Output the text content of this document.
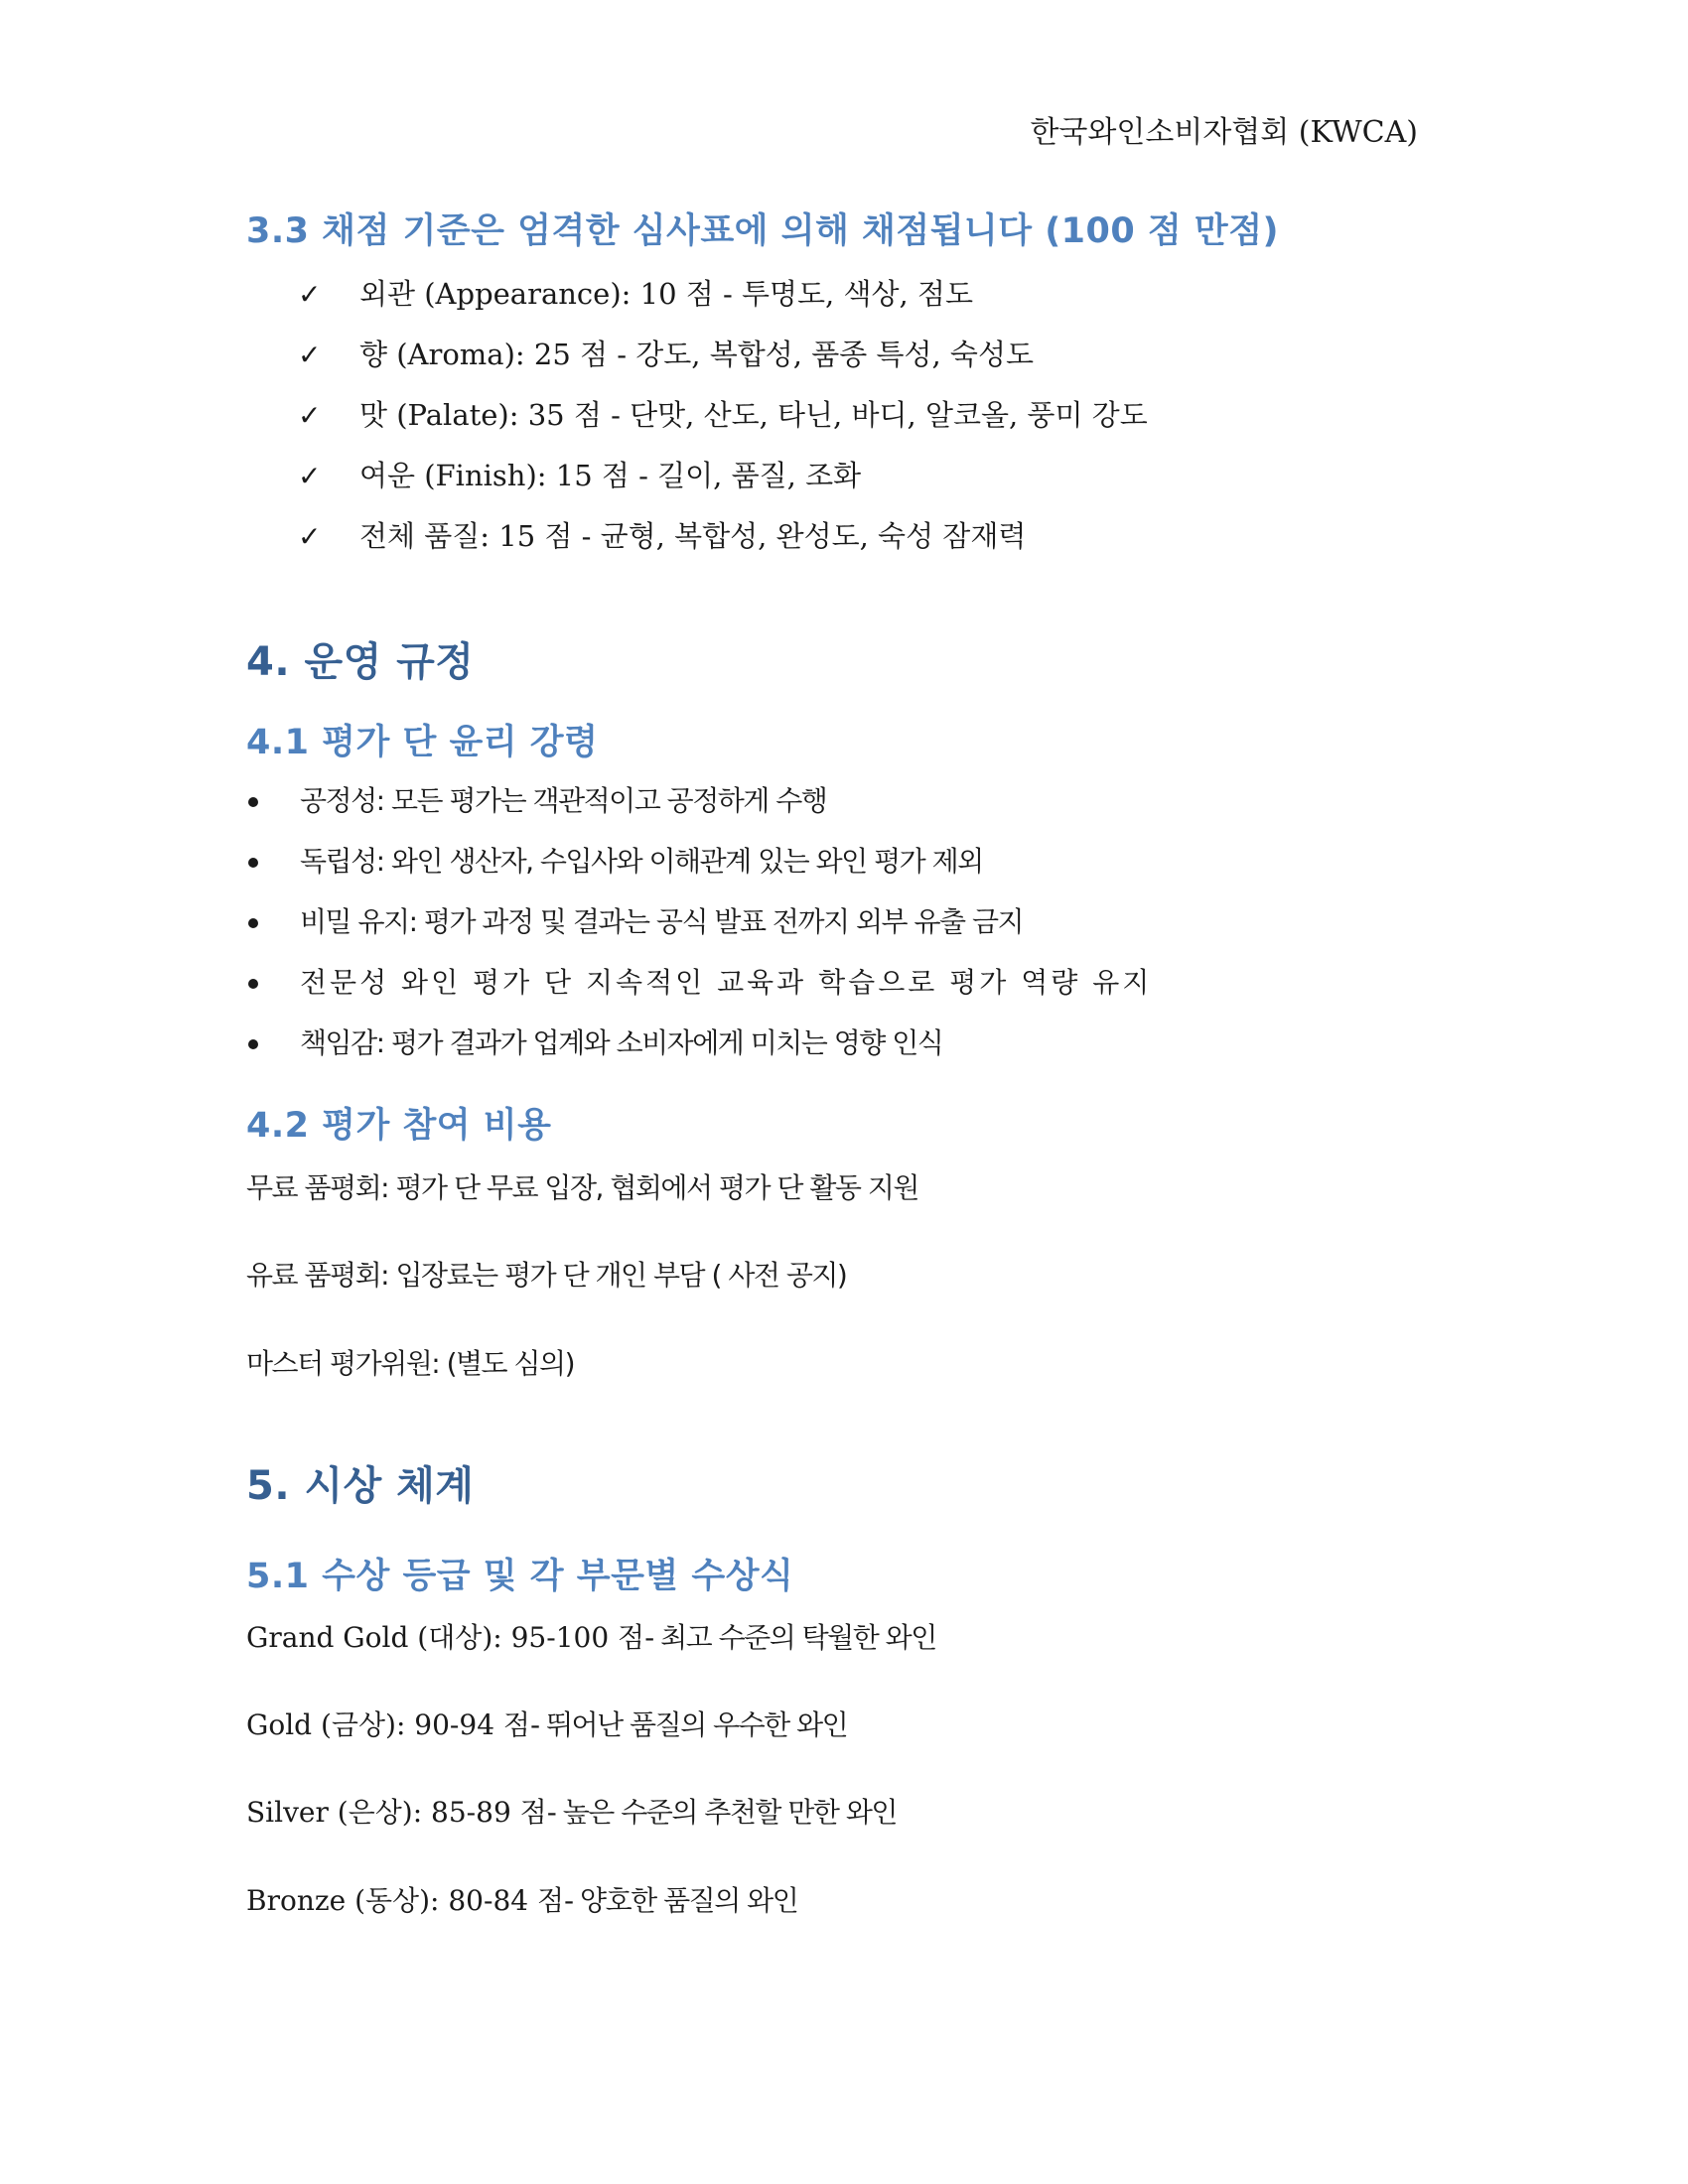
한국와인소비자협회 (KWCA)
3.3 채점 기준은 엄격한 심사표에 의해 채점됩니다 (100 점 만점)
✓ 외관 (Appearance): 10 점 - 투명도, 색상, 점도
✓ 향 (Aroma): 25 점 - 강도, 복합성, 품종 특성, 숙성도
✓ 맛 (Palate): 35 점 - 단맛, 산도, 타닌, 바디, 알코올, 풍미 강도
✓ 여운 (Finish): 15 점 - 길이, 품질, 조화
✓ 전체 품질: 15 점 - 균형, 복합성, 완성도, 숙성 잠재력
4. 운영 규정
4.1 평가 단 윤리 강령
공정성: 모든 평가는 객관적이고 공정하게 수행
독립성: 와인 생산자, 수입사와 이해관계 있는 와인 평가 제외
비밀 유지: 평가 과정 및 결과는 공식 발표 전까지 외부 유출 금지
전문성 와인 평가 단 지속적인 교육과 학습으로 평가 역량 유지
책임감: 평가 결과가 업계와 소비자에게 미치는 영향 인식
4.2 평가 참여 비용

무료 품평회: 평가 단 무료 입장, 협회에서 평가 단 활동 지원

유료 품평회: 입장료는 평가 단 개인 부담 ( 사전 공지)

마스터 평가위원: (별도 심의)

5. 시상 체계
5.1 수상 등급 및 각 부문별 수상식

Grand Gold (대상): 95-100 점- 최고 수준의 탁월한 와인

Gold (금상): 90-94 점- 뛰어난 품질의 우수한 와인

Silver (은상): 85-89 점- 높은 수준의 추천할 만한 와인

Bronze (동상): 80-84 점- 양호한 품질의 와인
